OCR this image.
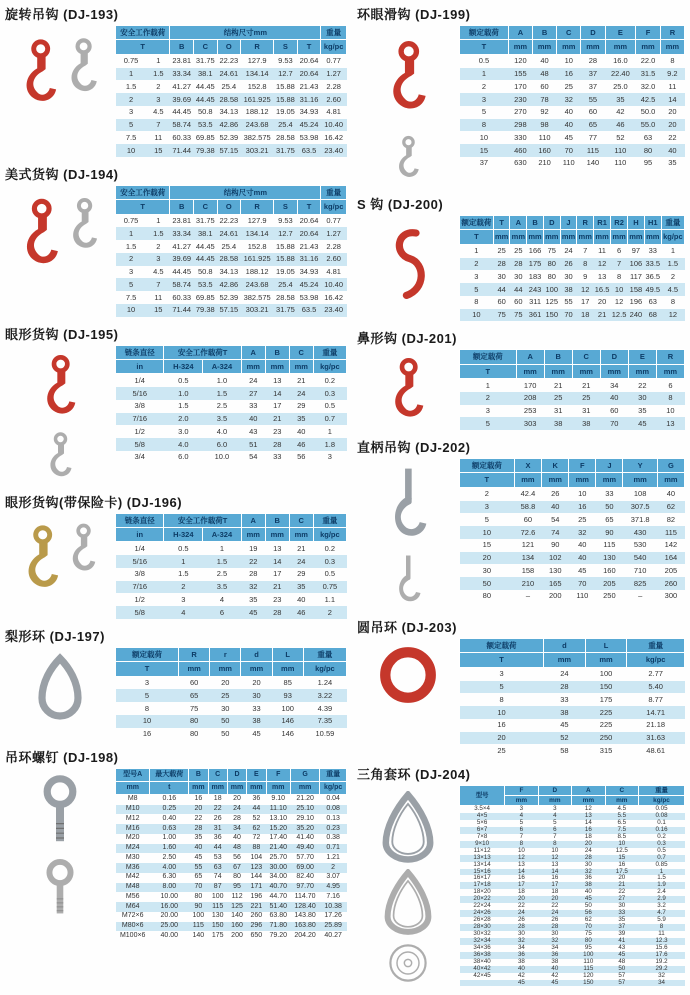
旋转吊钩 (DJ-193)
安全工作载荷		结构尺寸mm						重量
T		B	C	O	R	S	T	kg/pc
0.75	1	23.81	31.75	22.23	127.9	9.53	20.64	0.77
1	1.5	33.34	38.1	24.61	134.14	12.7	20.64	1.27
1.5	2	41.27	44.45	25.4	152.8	15.88	21.43	2.28
2	3	39.69	44.45	28.58	161.925	15.88	31.16	2.60
3	4.5	44.45	50.8	34.13	188.12	19.05	34.93	4.81
5	7	58.74	53.5	42.86	243.68	25.4	45.24	10.40
7.5	11	60.33	69.85	52.39	382.575	28.58	53.98	16.42
10	15	71.44	79.38	57.15	303.21	31.75	63.5	23.40
美式货钩 (DJ-194)
安全工作载荷		结构尺寸mm						重量
T		B	C	O	R	S	T	kg/pc
0.75	1	23.81	31.75	22.23	127.9	9.53	20.64	0.77
1	1.5	33.34	38.1	24.61	134.14	12.7	20.64	1.27
1.5	2	41.27	44.45	25.4	152.8	15.88	21.43	2.28
2	3	39.69	44.45	28.58	161.925	15.88	31.16	2.60
3	4.5	44.45	50.8	34.13	188.12	19.05	34.93	4.81
5	7	58.74	53.5	42.86	243.68	25.4	45.24	10.40
7.5	11	60.33	69.85	52.39	382.575	28.58	53.98	16.42
10	15	71.44	79.38	57.15	303.21	31.75	63.5	23.40
眼形货钩 (DJ-195)
链条直径	安全工作载荷T		A	B	C	重量
in	H-324	A-324	mm	mm	mm	kg/pc
1/4	0.5	1.0	24	13	21	0.2
5/16	1.0	1.5	27	14	24	0.3
3/8	1.5	2.5	33	17	29	0.5
7/16	2.0	3.5	40	21	35	0.7
1/2	3.0	4.0	43	23	40	1
5/8	4.0	6.0	51	28	46	1.8
3/4	6.0	10.0	54	33	56	3
眼形货钩(带保险卡) (DJ-196)
链条直径	安全工作载荷T		A	B	C	重量
in	H-324	A-324	mm	mm	mm	kg/pc
1/4	0.5	1	19	13	21	0.2
5/16	1	1.5	22	14	24	0.3
3/8	1.5	2.5	28	17	29	0.5
7/16	2	3.5	32	21	35	0.75
1/2	3	4	35	23	40	1.1
5/8	4	6	45	28	46	2
梨形环 (DJ-197)
额定载荷	R	r	d	L	重量
T	mm	mm	mm	mm	kg/pc
3	60	20	20	85	1.24
5	65	25	30	93	3.22
8	75	30	33	100	4.39
10	80	50	38	146	7.35
16	80	50	45	146	10.59
吊环螺钉 (DJ-198)
型号A	最大载荷	B	C	D	E	F	G	重量
mm	t	mm	mm	mm	mm	mm	mm	kg/pc
M8	0.16	16	18	20	36	9.10	21.20	0.04
M10	0.25	20	22	24	44	11.10	25.10	0.08
M12	0.40	22	26	28	52	13.10	29.10	0.13
M16	0.63	28	31	34	62	15.20	35.20	0.23
M20	1.00	35	36	40	72	17.40	41.40	0.38
M24	1.60	40	44	48	88	21.40	49.40	0.71
M30	2.50	45	53	56	104	25.70	57.70	1.21
M36	4.00	55	63	67	123	30.00	69.00	2
M42	6.30	65	74	80	144	34.00	82.40	3.07
M48	8.00	70	87	95	171	40.70	97.70	4.95
M56	10.00	80	100	112	196	44.70	114.70	7.16
M64	16.00	90	115	125	221	51.40	128.40	10.38
M72×6	20.00	100	130	140	260	63.80	143.80	17.26
M80×6	25.00	115	150	160	296	71.80	163.80	25.89
M100×6	40.00	140	175	200	650	79.20	204.20	40.27
环眼滑钩 (DJ-199)
额定载荷	A	B	C	D	E	F	R
T	mm	mm	mm	mm	mm	mm	mm
0.5	120	40	10	28	16.0	22.0	8
1	155	48	16	37	22.40	31.5	9.2
2	170	60	25	37	25.0	32.0	11
3	230	78	32	55	35	42.5	14
5	270	92	40	60	42	50.0	20
8	298	98	40	65	46	55.0	20
10	330	110	45	77	52	63	22
15	460	160	70	115	110	80	40
37	630	210	110	140	110	95	35
S 钩 (DJ-200)
额定载荷	T	A	B	D	J	R	R1	R2	H	H1	重量
T	mm	mm	mm	mm	mm	mm	mm	mm	mm	mm	kg/pc
1	25	25	166	75	24	7	11	6	97	33	1
2	28	28	175	80	26	8	12	7	106	33.5	1.5
3	30	30	183	80	30	9	13	8	117	36.5	2
5	44	44	243	100	38	12	16.5	10	158	49.5	4.5
8	60	60	311	125	55	17	20	12	196	63	8
10	75	75	361	150	70	18	21	12.5	240	68	12
鼻形钩 (DJ-201)
额定载荷	A	B	C	D	E	R
T	mm	mm	mm	mm	mm	mm
1	170	21	21	34	22	6
2	208	25	25	40	30	8
3	253	31	31	60	35	10
5	303	38	38	70	45	13
直柄吊钩 (DJ-202)
额定载荷	X	K	F	J	Y	G
T	mm	mm	mm	mm	mm	mm
2	42.4	26	10	33	108	40
3	58.8	40	16	50	307.5	62
5	60	54	25	65	371.8	82
10	72.6	74	32	90	430	115
15	121	90	40	115	530	142
20	134	102	40	130	540	164
30	158	130	45	160	710	205
50	210	165	70	205	825	260
80	–	200	110	250	–	300
圆吊环 (DJ-203)
额定载荷	d	L	重量
T	mm	mm	kg/pc
3	24	100	2.77
5	28	150	5.40
8	33	175	8.77
10	38	225	14.71
16	45	225	21.18
20	52	250	31.63
25	58	315	48.61
三角套环 (DJ-204)
型号	F	D	A	C	重量
	mm	mm	mm	mm	kg/pc
3.5×4	3	3	12	4.5	0.05
4×5	4	4	13	5.5	0.08
5×6	5	5	14	6.5	0.1
6×7	6	6	16	7.5	0.16
7×8	7	7	18	8.5	0.2
9×10	8	8	20	10	0.3
11×12	10	10	24	12.5	0.5
13×13	12	12	28	15	0.7
13×14	13	13	30	16	0.85
15×16	14	14	32	17.5	1
16×17	16	16	36	20	1.5
17×18	17	17	38	21	1.9
18×20	18	18	40	22	2.4
20×22	20	20	45	27	2.9
22×24	22	22	50	30	3.2
24×26	24	24	56	33	4.7
26×28	26	26	62	35	5.9
28×30	28	28	70	37	8
30×32	30	30	75	39	11
32×34	32	32	80	41	12.3
34×36	34	34	95	43	15.6
36×38	36	36	100	45	17.6
38×40	38	38	110	48	19.2
40×42	40	40	115	50	29.2
42×45	42	42	120	57	32
	45	45	150	57	34
